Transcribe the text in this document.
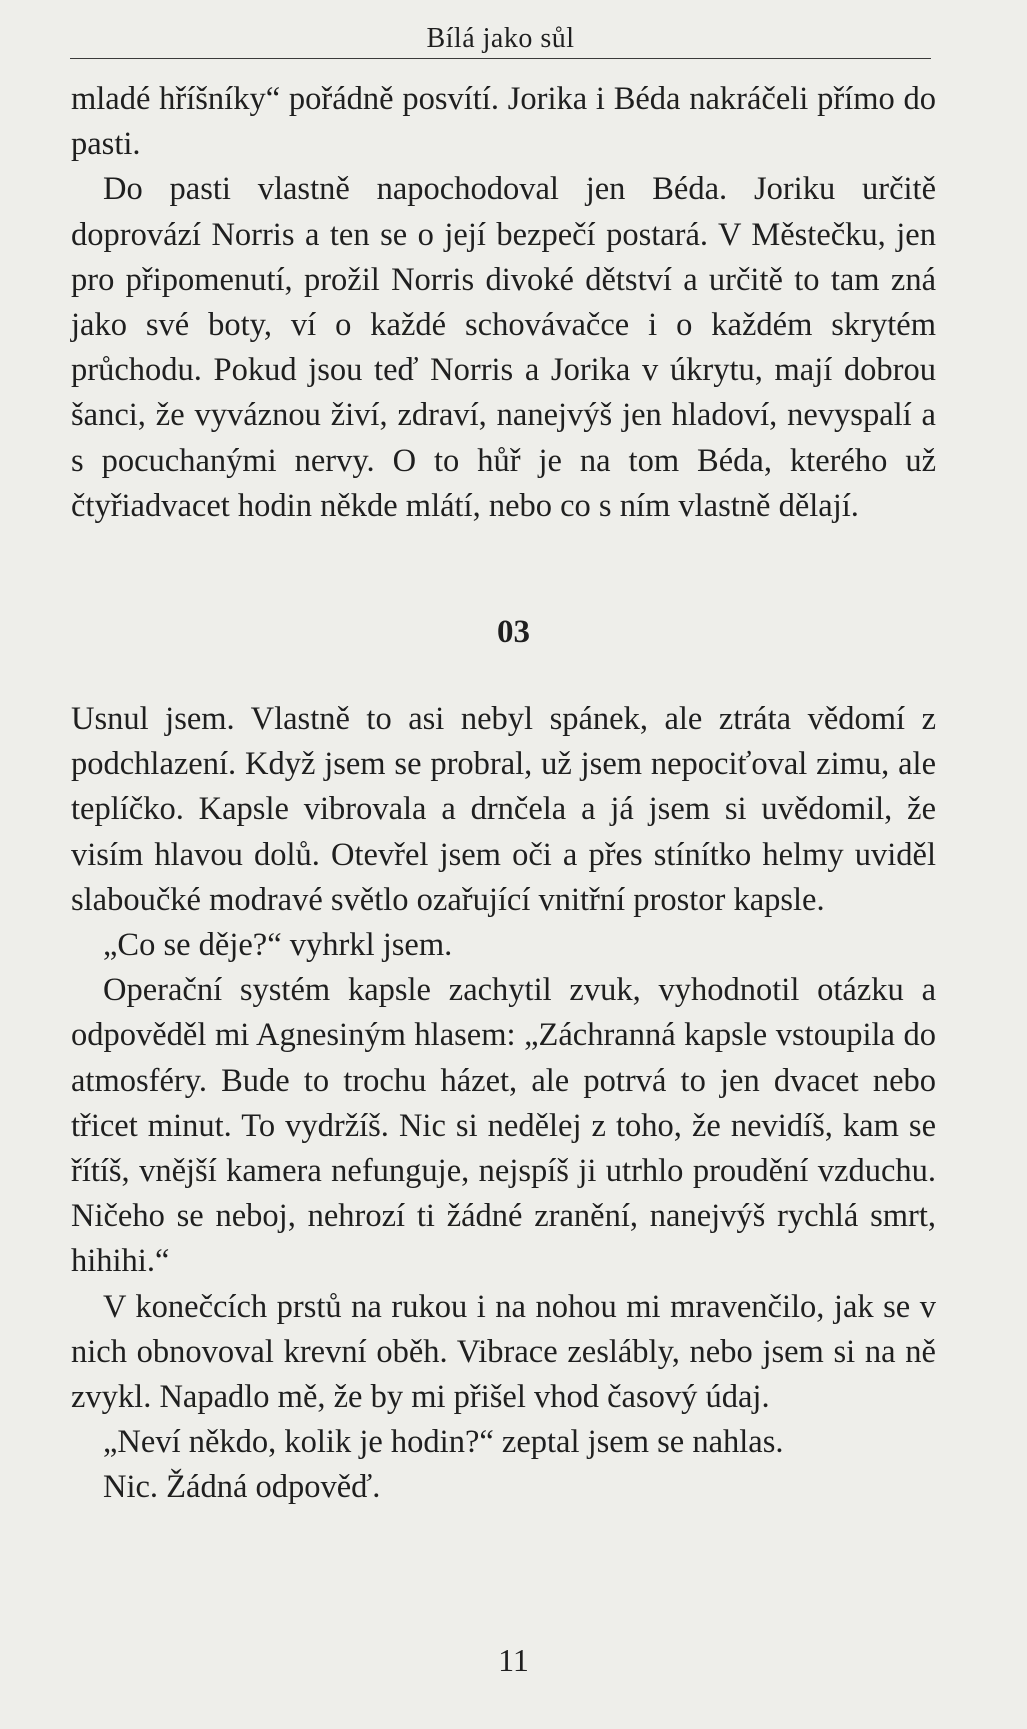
Bílá jako sůl

mladé hříšníky“ pořádně posvítí. Jorika i Béda nakráčeli přímo do pasti.

Do pasti vlastně napochodoval jen Béda. Joriku určitě doprovází Norris a ten se o její bezpečí postará. V Městečku, jen pro připomenutí, prožil Norris divoké dětství a určitě to tam zná jako své boty, ví o každé schovávačce i o každém skrytém průchodu. Pokud jsou teď Norris a Jorika v úkrytu, mají dobrou šanci, že vyváznou živí, zdraví, nanejvýš jen hladoví, nevyspalí a s pocuchanými nervy. O to hůř je na tom Béda, kterého už čtyřiadvacet hodin někde mlátí, nebo co s ním vlastně dělají.

03

Usnul jsem. Vlastně to asi nebyl spánek, ale ztráta vědomí z podchlazení. Když jsem se probral, už jsem nepociťoval zimu, ale teplíčko. Kapsle vibrovala a drnčela a já jsem si uvědomil, že visím hlavou dolů. Otevřel jsem oči a přes stínítko helmy uviděl slaboučké modravé světlo ozařující vnitřní prostor kapsle.

„Co se děje?“ vyhrkl jsem.

Operační systém kapsle zachytil zvuk, vyhodnotil otázku a odpověděl mi Agnesiným hlasem: „Záchranná kapsle vstoupila do atmosféry. Bude to trochu házet, ale potrvá to jen dvacet nebo třicet minut. To vydržíš. Nic si nedělej z toho, že nevidíš, kam se řítíš, vnější kamera nefunguje, nejspíš ji utrhlo proudění vzduchu. Ničeho se neboj, nehrozí ti žádné zranění, nanejvýš rychlá smrt, hihihi.“

V konečcích prstů na rukou i na nohou mi mravenčilo, jak se v nich obnovoval krevní oběh. Vibrace zeslábly, nebo jsem si na ně zvykl. Napadlo mě, že by mi přišel vhod časový údaj.

„Neví někdo, kolik je hodin?“ zeptal jsem se nahlas.

Nic. Žádná odpověď.

11
